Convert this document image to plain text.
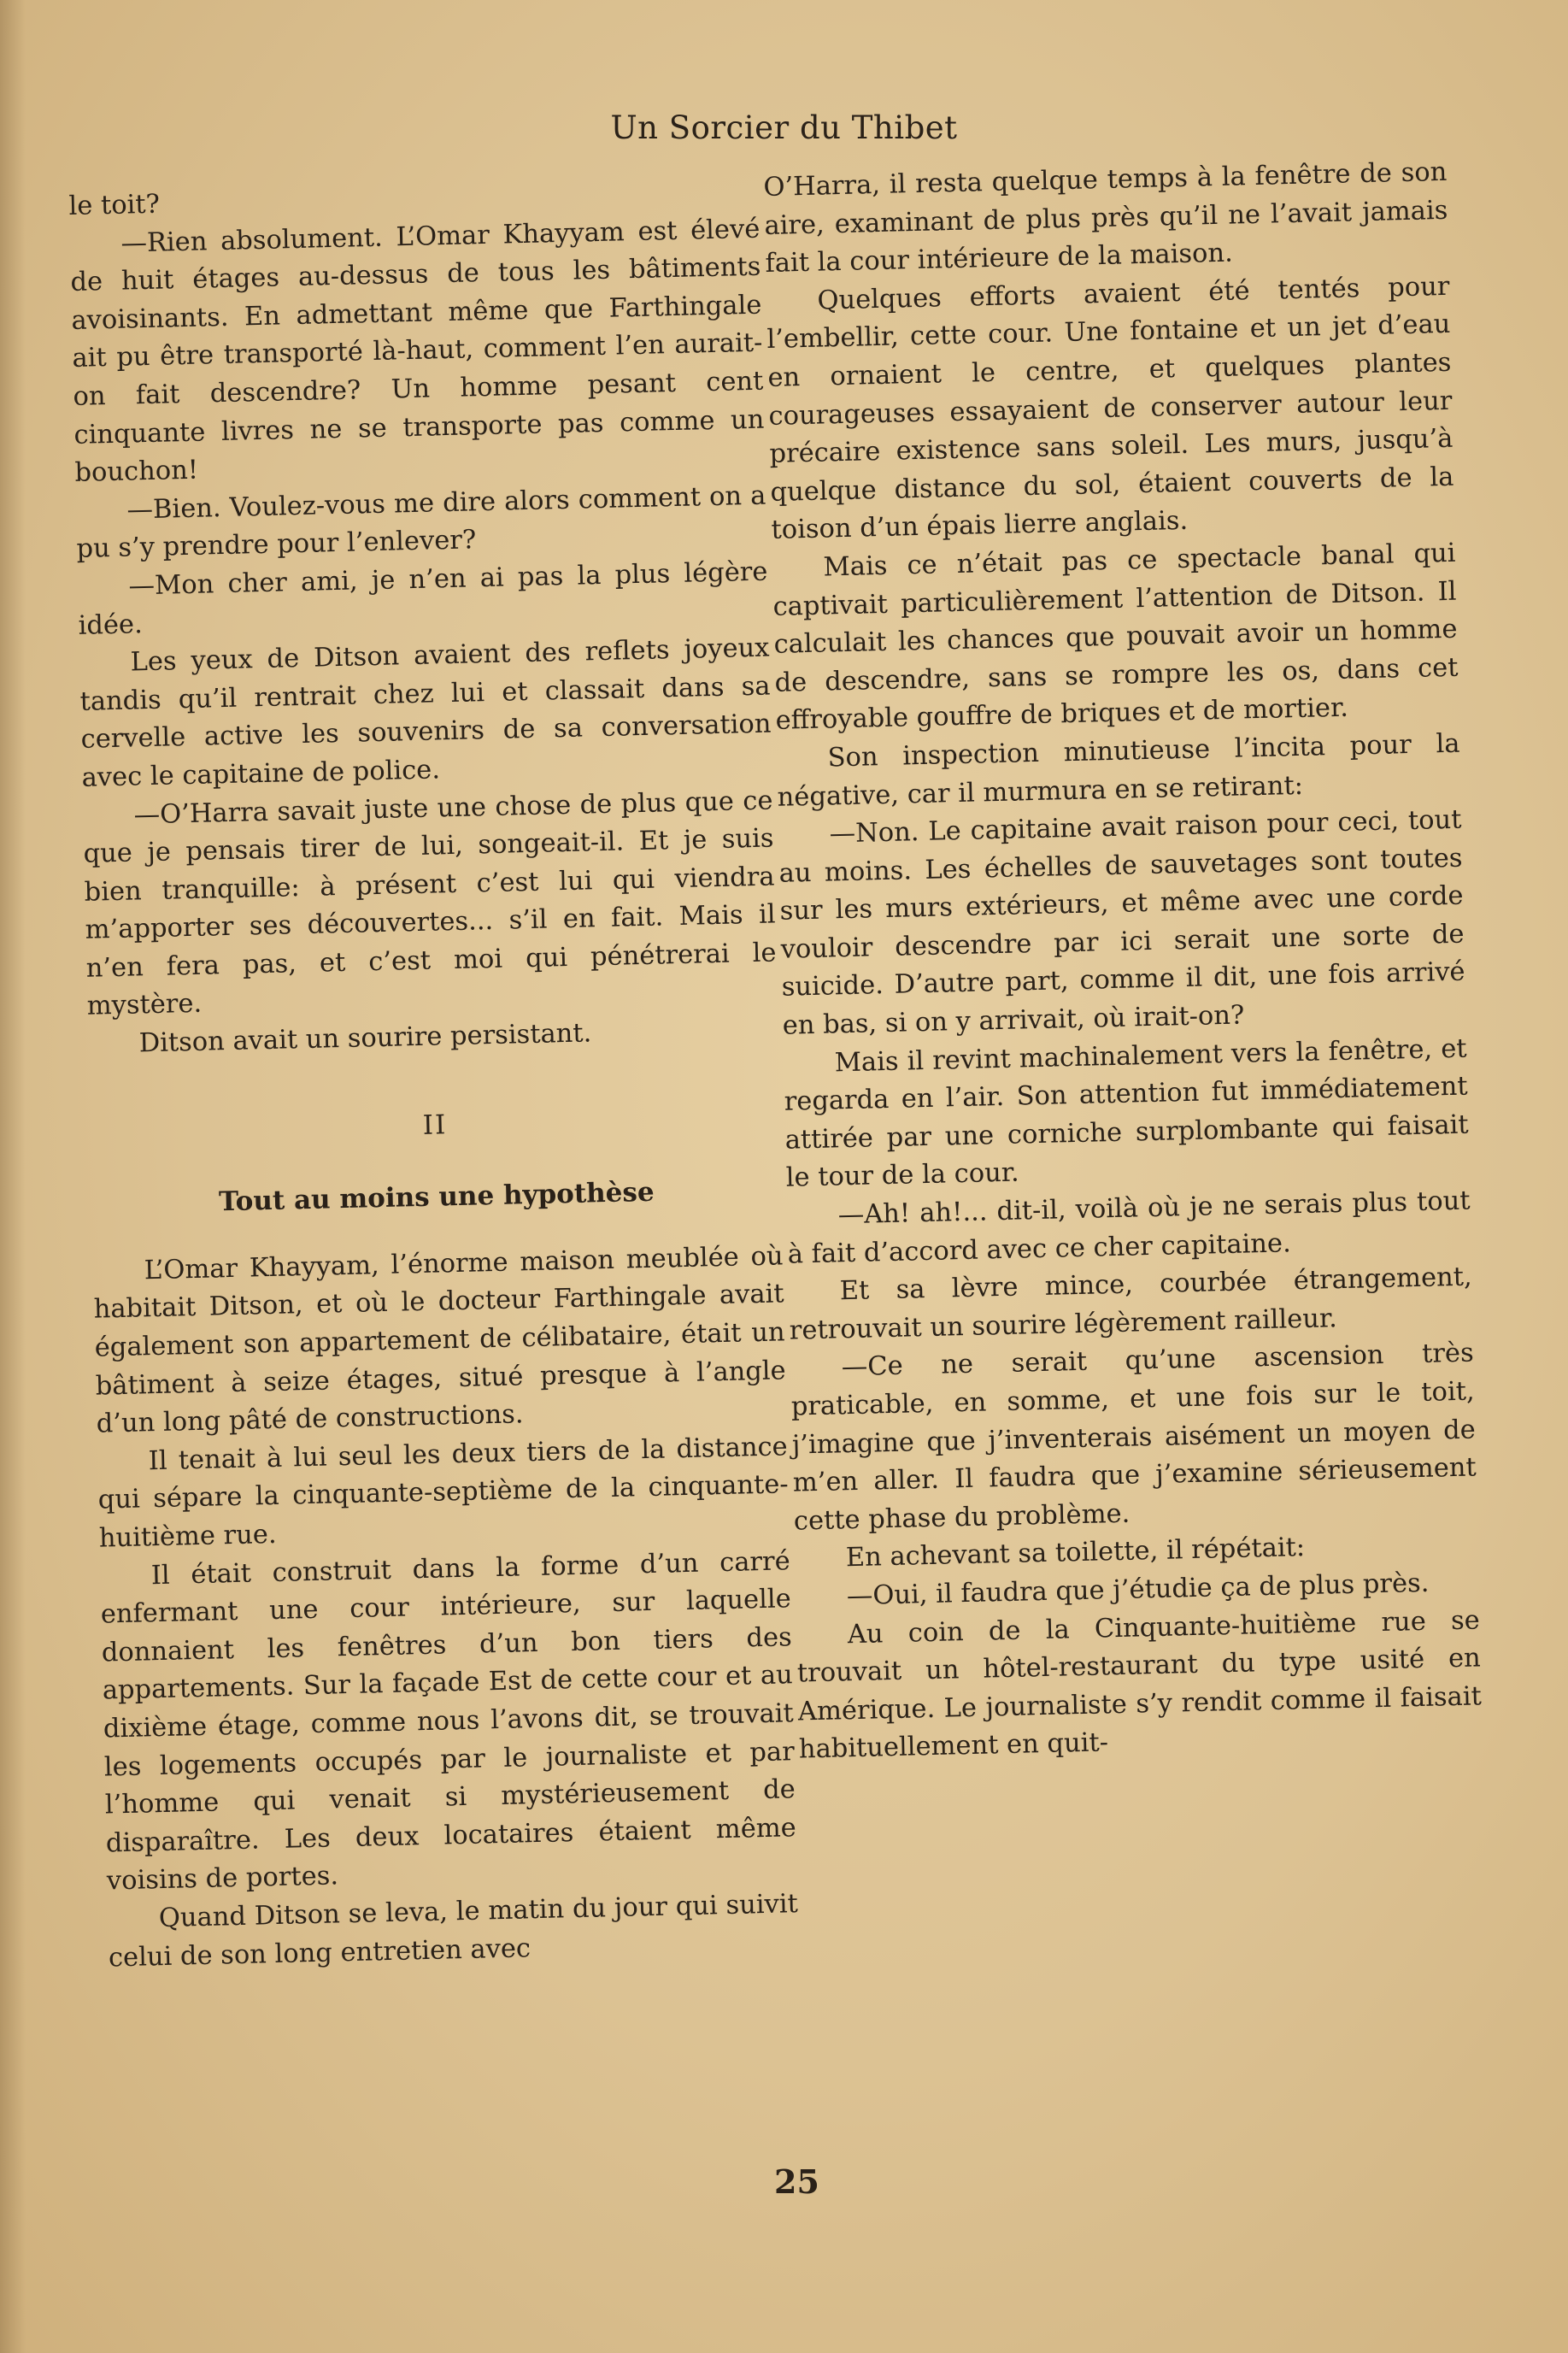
Un Sorcier du Thibet

le toit?

—Rien absolument. L’Omar Khayyam est élevé de huit étages au-dessus de tous les bâtiments avoisinants. En admettant même que Farthingale ait pu être transporté là-haut, comment l’en aurait-on fait descendre? Un homme pesant cent cinquante livres ne se transporte pas comme un bouchon!

—Bien. Voulez-vous me dire alors comment on a pu s’y prendre pour l’enlever?

—Mon cher ami, je n’en ai pas la plus légère idée.

Les yeux de Ditson avaient des reflets joyeux tandis qu’il rentrait chez lui et classait dans sa cervelle active les souvenirs de sa conversation avec le capitaine de police.

—O’Harra savait juste une chose de plus que ce que je pensais tirer de lui, songeait-il. Et je suis bien tranquille: à présent c’est lui qui viendra m’apporter ses découvertes... s’il en fait. Mais il n’en fera pas, et c’est moi qui pénétrerai le mystère.

Ditson avait un sourire persistant.

II
Tout au moins une hypothèse

L’Omar Khayyam, l’énorme maison meublée où habitait Ditson, et où le docteur Farthingale avait également son appartement de célibataire, était un bâtiment à seize étages, situé presque à l’angle d’un long pâté de constructions.

Il tenait à lui seul les deux tiers de la distance qui sépare la cinquante-septième de la cinquante-huitième rue.

Il était construit dans la forme d’un carré enfermant une cour intérieure, sur laquelle donnaient les fenêtres d’un bon tiers des appartements. Sur la façade Est de cette cour et au dixième étage, comme nous l’avons dit, se trouvait les logements occupés par le journaliste et par l’homme qui venait si mystérieusement de disparaître. Les deux locataires étaient même voisins de portes.

Quand Ditson se leva, le matin du jour qui suivit celui de son long entretien avec

O’Harra, il resta quelque temps à la fenêtre de son aire, examinant de plus près qu’il ne l’avait jamais fait la cour intérieure de la maison.

Quelques efforts avaient été tentés pour l’embellir, cette cour. Une fontaine et un jet d’eau en ornaient le centre, et quelques plantes courageuses essayaient de conserver autour leur précaire existence sans soleil. Les murs, jusqu’à quelque distance du sol, étaient couverts de la toison d’un épais lierre anglais.

Mais ce n’était pas ce spectacle banal qui captivait particulièrement l’attention de Ditson. Il calculait les chances que pouvait avoir un homme de descendre, sans se rompre les os, dans cet effroyable gouffre de briques et de mortier.

Son inspection minutieuse l’incita pour la négative, car il murmura en se retirant:

—Non. Le capitaine avait raison pour ceci, tout au moins. Les échelles de sauvetages sont toutes sur les murs extérieurs, et même avec une corde vouloir descendre par ici serait une sorte de suicide. D’autre part, comme il dit, une fois arrivé en bas, si on y arrivait, où irait-on?

Mais il revint machinalement vers la fenêtre, et regarda en l’air. Son attention fut immédiatement attirée par une corniche surplombante qui faisait le tour de la cour.

—Ah! ah!... dit-il, voilà où je ne serais plus tout à fait d’accord avec ce cher capitaine.

Et sa lèvre mince, courbée étrangement, retrouvait un sourire légèrement railleur.

—Ce ne serait qu’une ascension très praticable, en somme, et une fois sur le toit, j’imagine que j’inventerais aisément un moyen de m’en aller. Il faudra que j’examine sérieusement cette phase du problème.

En achevant sa toilette, il répétait:

—Oui, il faudra que j’étudie ça de plus près.

Au coin de la Cinquante-huitième rue se trouvait un hôtel-restaurant du type usité en Amérique. Le journaliste s’y rendit comme il faisait habituellement en quit-

25
